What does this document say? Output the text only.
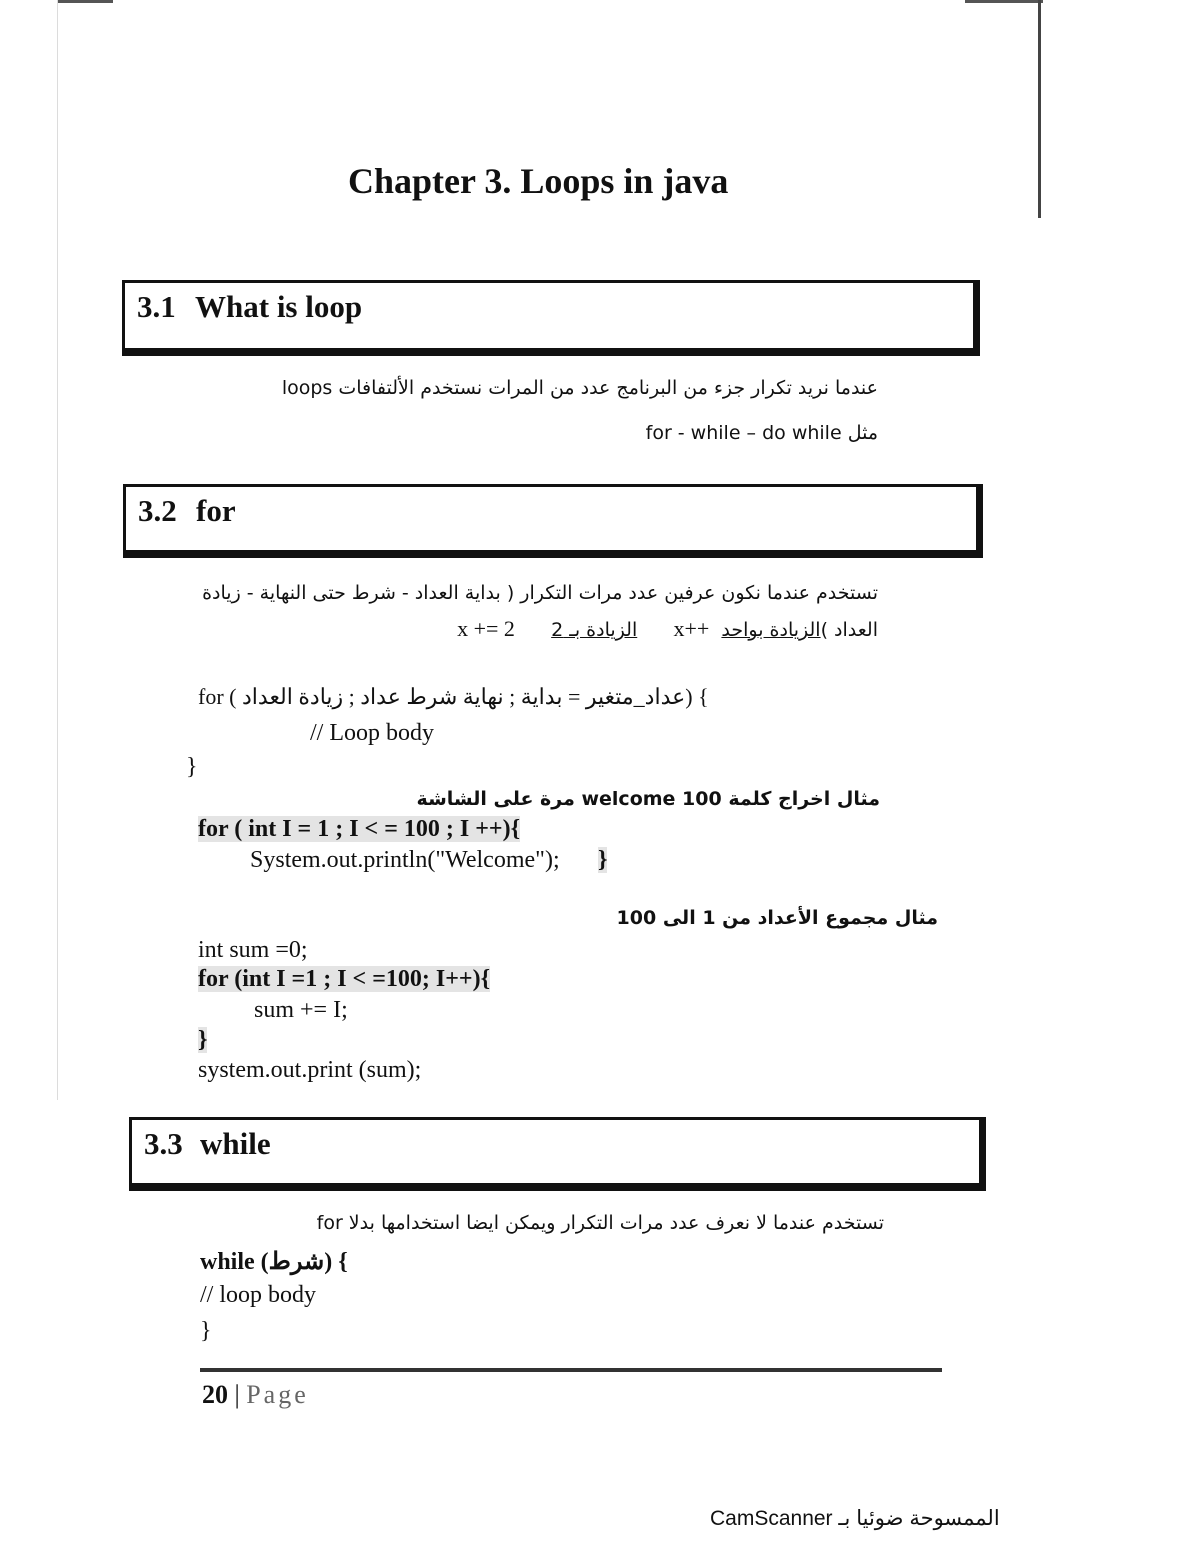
Chapter 3. Loops in java
3.1 What is loop
عندما نريد تكرار جزء من البرنامج عدد من المرات نستخدم الألتفافات loops
مثل for - while – do while
3.2 for
تستخدم عندما نكون عرفين عدد مرات التكرار ( بداية العداد - شرط حتى النهاية - زيادة
العداد )الزيادة بواحد  x++      الزيادة بـ 2      x += 2
for ( عداد_متغير = بداية ; نهاية شرط عداد ; زيادة العداد) {
// Loop body
}
مثال اخراج كلمة welcome 100 مرة على الشاشة
for ( int I = 1 ; I < = 100 ; I ++){
System.out.println("Welcome"); }
مثال مجموع الأعداد من 1 الى 100
int sum =0;
for (int I =1 ; I < =100; I++){
sum += I;
}
system.out.print (sum);
3.3 while
تستخدم عندما لا نعرف عدد مرات التكرار ويمكن ايضا استخدامها بدلا for
while (شرط) {
// loop body
}
20 | Page
الممسوحة ضوئيا بـ CamScanner
